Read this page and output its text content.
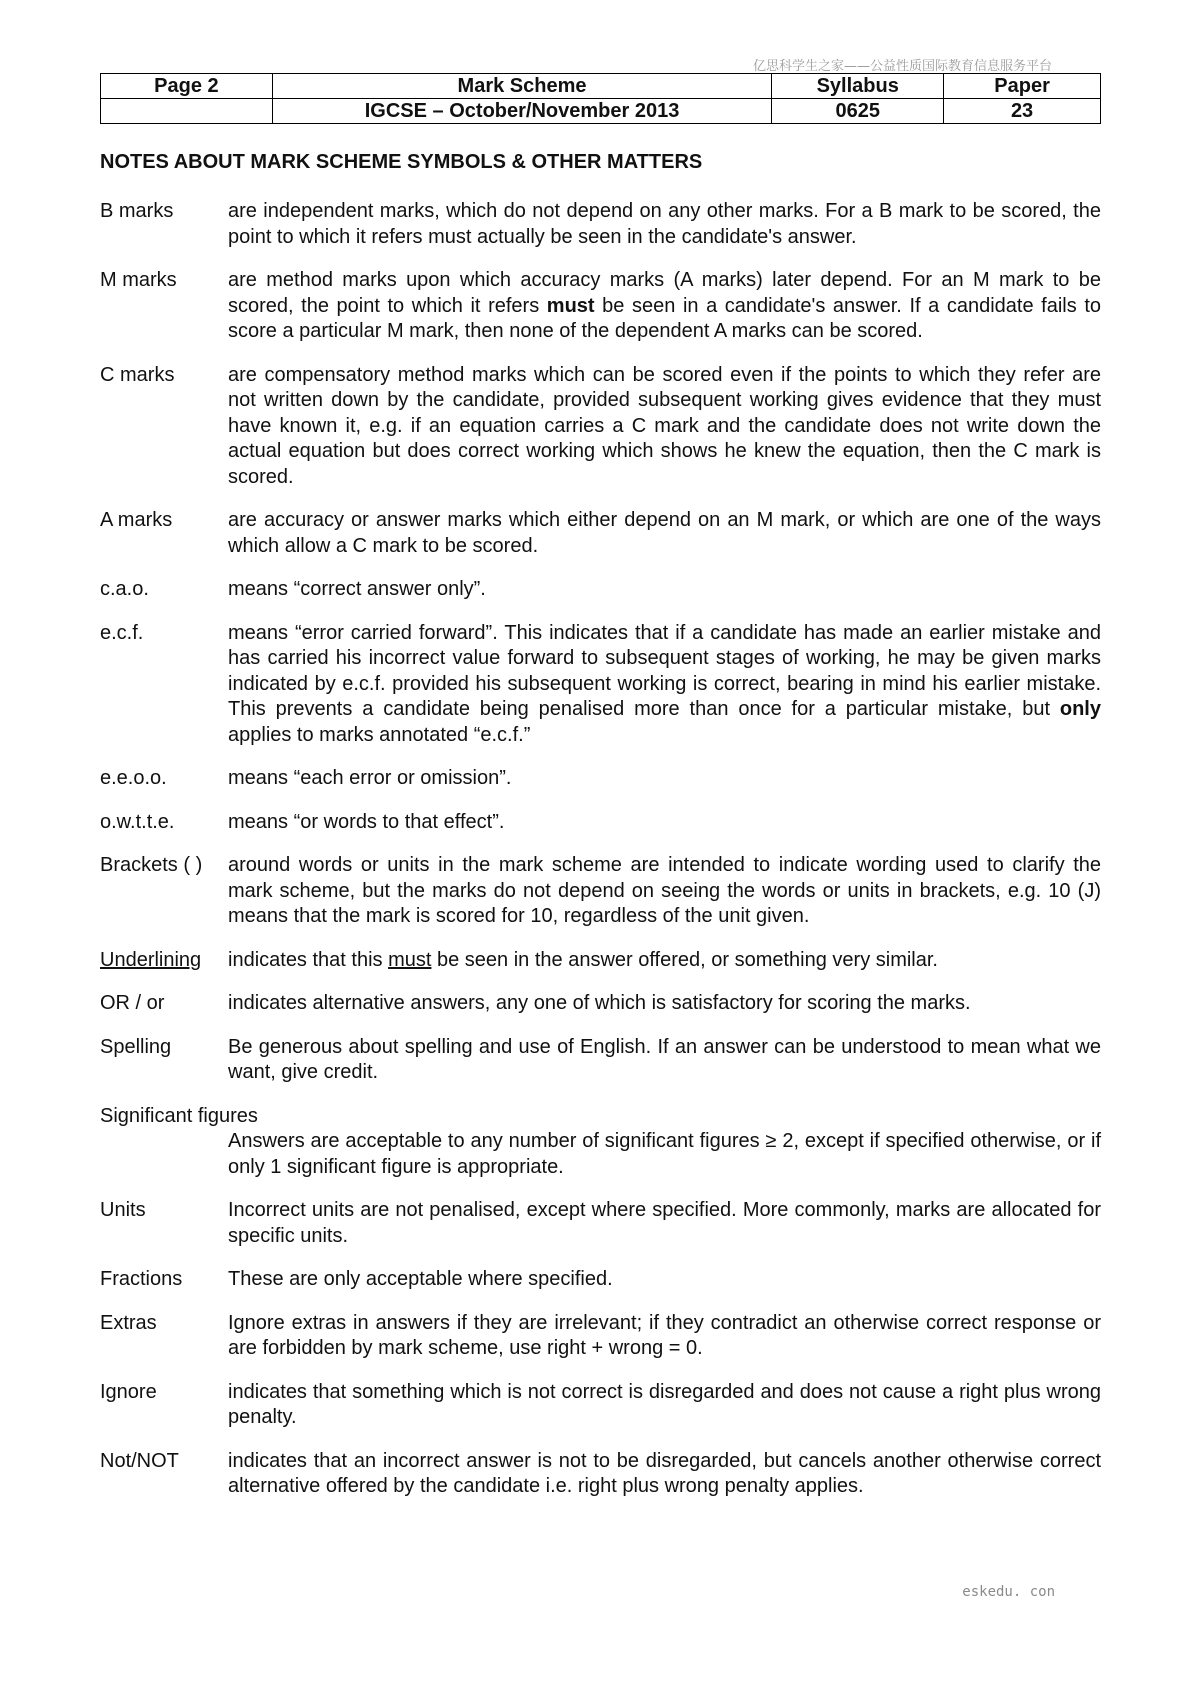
亿思科学生之家——公益性质国际教育信息服务平台
Page 2	Mark Scheme	Syllabus	Paper
	IGCSE – October/November 2013	0625	23
NOTES ABOUT MARK SCHEME SYMBOLS & OTHER MATTERS
B marks	are independent marks, which do not depend on any other marks. For a B mark to be scored, the point to which it refers must actually be seen in the candidate's answer.
M marks	are method marks upon which accuracy marks (A marks) later depend. For an M mark to be scored, the point to which it refers must be seen in a candidate's answer. If a candidate fails to score a particular M mark, then none of the dependent A marks can be scored.
C marks	are compensatory method marks which can be scored even if the points to which they refer are not written down by the candidate, provided subsequent working gives evidence that they must have known it, e.g. if an equation carries a C mark and the candidate does not write down the actual equation but does correct working which shows he knew the equation, then the C mark is scored.
A marks	are accuracy or answer marks which either depend on an M mark, or which are one of the ways which allow a C mark to be scored.
c.a.o.	means “correct answer only”.
e.c.f.	means “error carried forward”. This indicates that if a candidate has made an earlier mistake and has carried his incorrect value forward to subsequent stages of working, he may be given marks indicated by e.c.f. provided his subsequent working is correct, bearing in mind his earlier mistake. This prevents a candidate being penalised more than once for a particular mistake, but only applies to marks annotated “e.c.f.”
e.e.o.o.	means “each error or omission”.
o.w.t.t.e.	means “or words to that effect”.
Brackets ( )	around words or units in the mark scheme are intended to indicate wording used to clarify the mark scheme, but the marks do not depend on seeing the words or units in brackets, e.g. 10 (J) means that the mark is scored for 10, regardless of the unit given.
Underlining	indicates that this must be seen in the answer offered, or something very similar.
OR / or	indicates alternative answers, any one of which is satisfactory for scoring the marks.
Spelling	Be generous about spelling and use of English. If an answer can be understood to mean what we want, give credit.
Significant figures
Answers are acceptable to any number of significant figures ≥ 2, except if specified otherwise, or if only 1 significant figure is appropriate.
Units	Incorrect units are not penalised, except where specified. More commonly, marks are allocated for specific units.
Fractions	These are only acceptable where specified.
Extras	Ignore extras in answers if they are irrelevant; if they contradict an otherwise correct response or are forbidden by mark scheme, use right + wrong = 0.
Ignore	indicates that something which is not correct is disregarded and does not cause a right plus wrong penalty.
Not/NOT	indicates that an incorrect answer is not to be disregarded, but cancels another otherwise correct alternative offered by the candidate i.e. right plus wrong penalty applies.
eskedu. con
